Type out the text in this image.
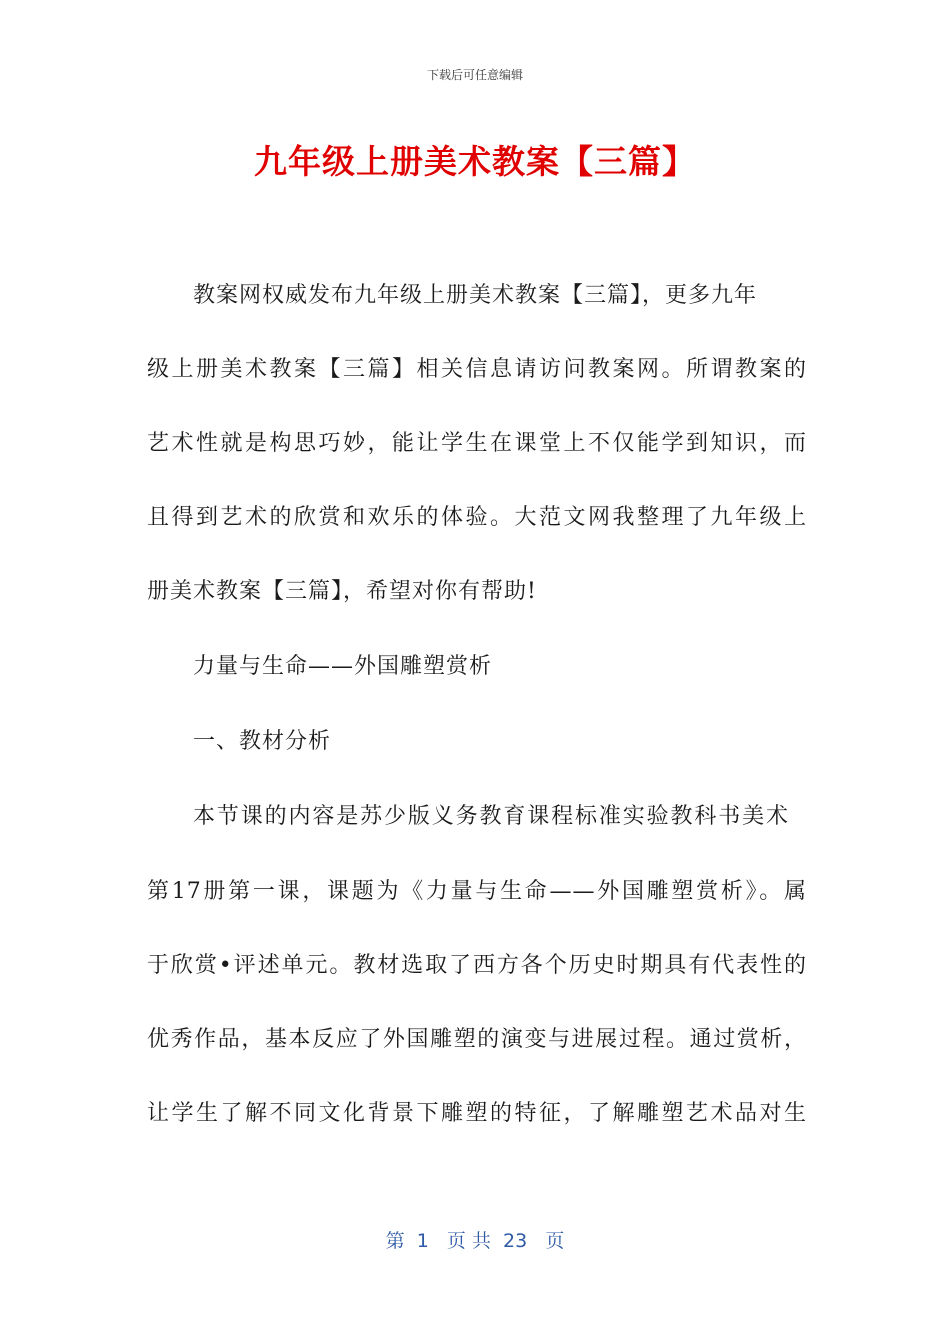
下载后可任意编辑
九年级上册美术教案【三篇】
教案网权威发布九年级上册美术教案【三篇】，更多九年
级上册美术教案【三篇】相关信息请访问教案网。所谓教案的
艺术性就是构思巧妙，能让学生在课堂上不仅能学到知识，而
且得到艺术的欣赏和欢乐的体验。大范文网我整理了九年级上
册美术教案【三篇】，希望对你有帮助!
力量与生命——外国雕塑赏析
一、教材分析
本节课的内容是苏少版义务教育课程标准实验教科书美术
第17册第一课，课题为《力量与生命——外国雕塑赏析》。属
于欣赏•评述单元。教材选取了西方各个历史时期具有代表性的
优秀作品，基本反应了外国雕塑的演变与进展过程。通过赏析，
让学生了解不同文化背景下雕塑的特征，了解雕塑艺术品对生
第  1   页 共  23   页
